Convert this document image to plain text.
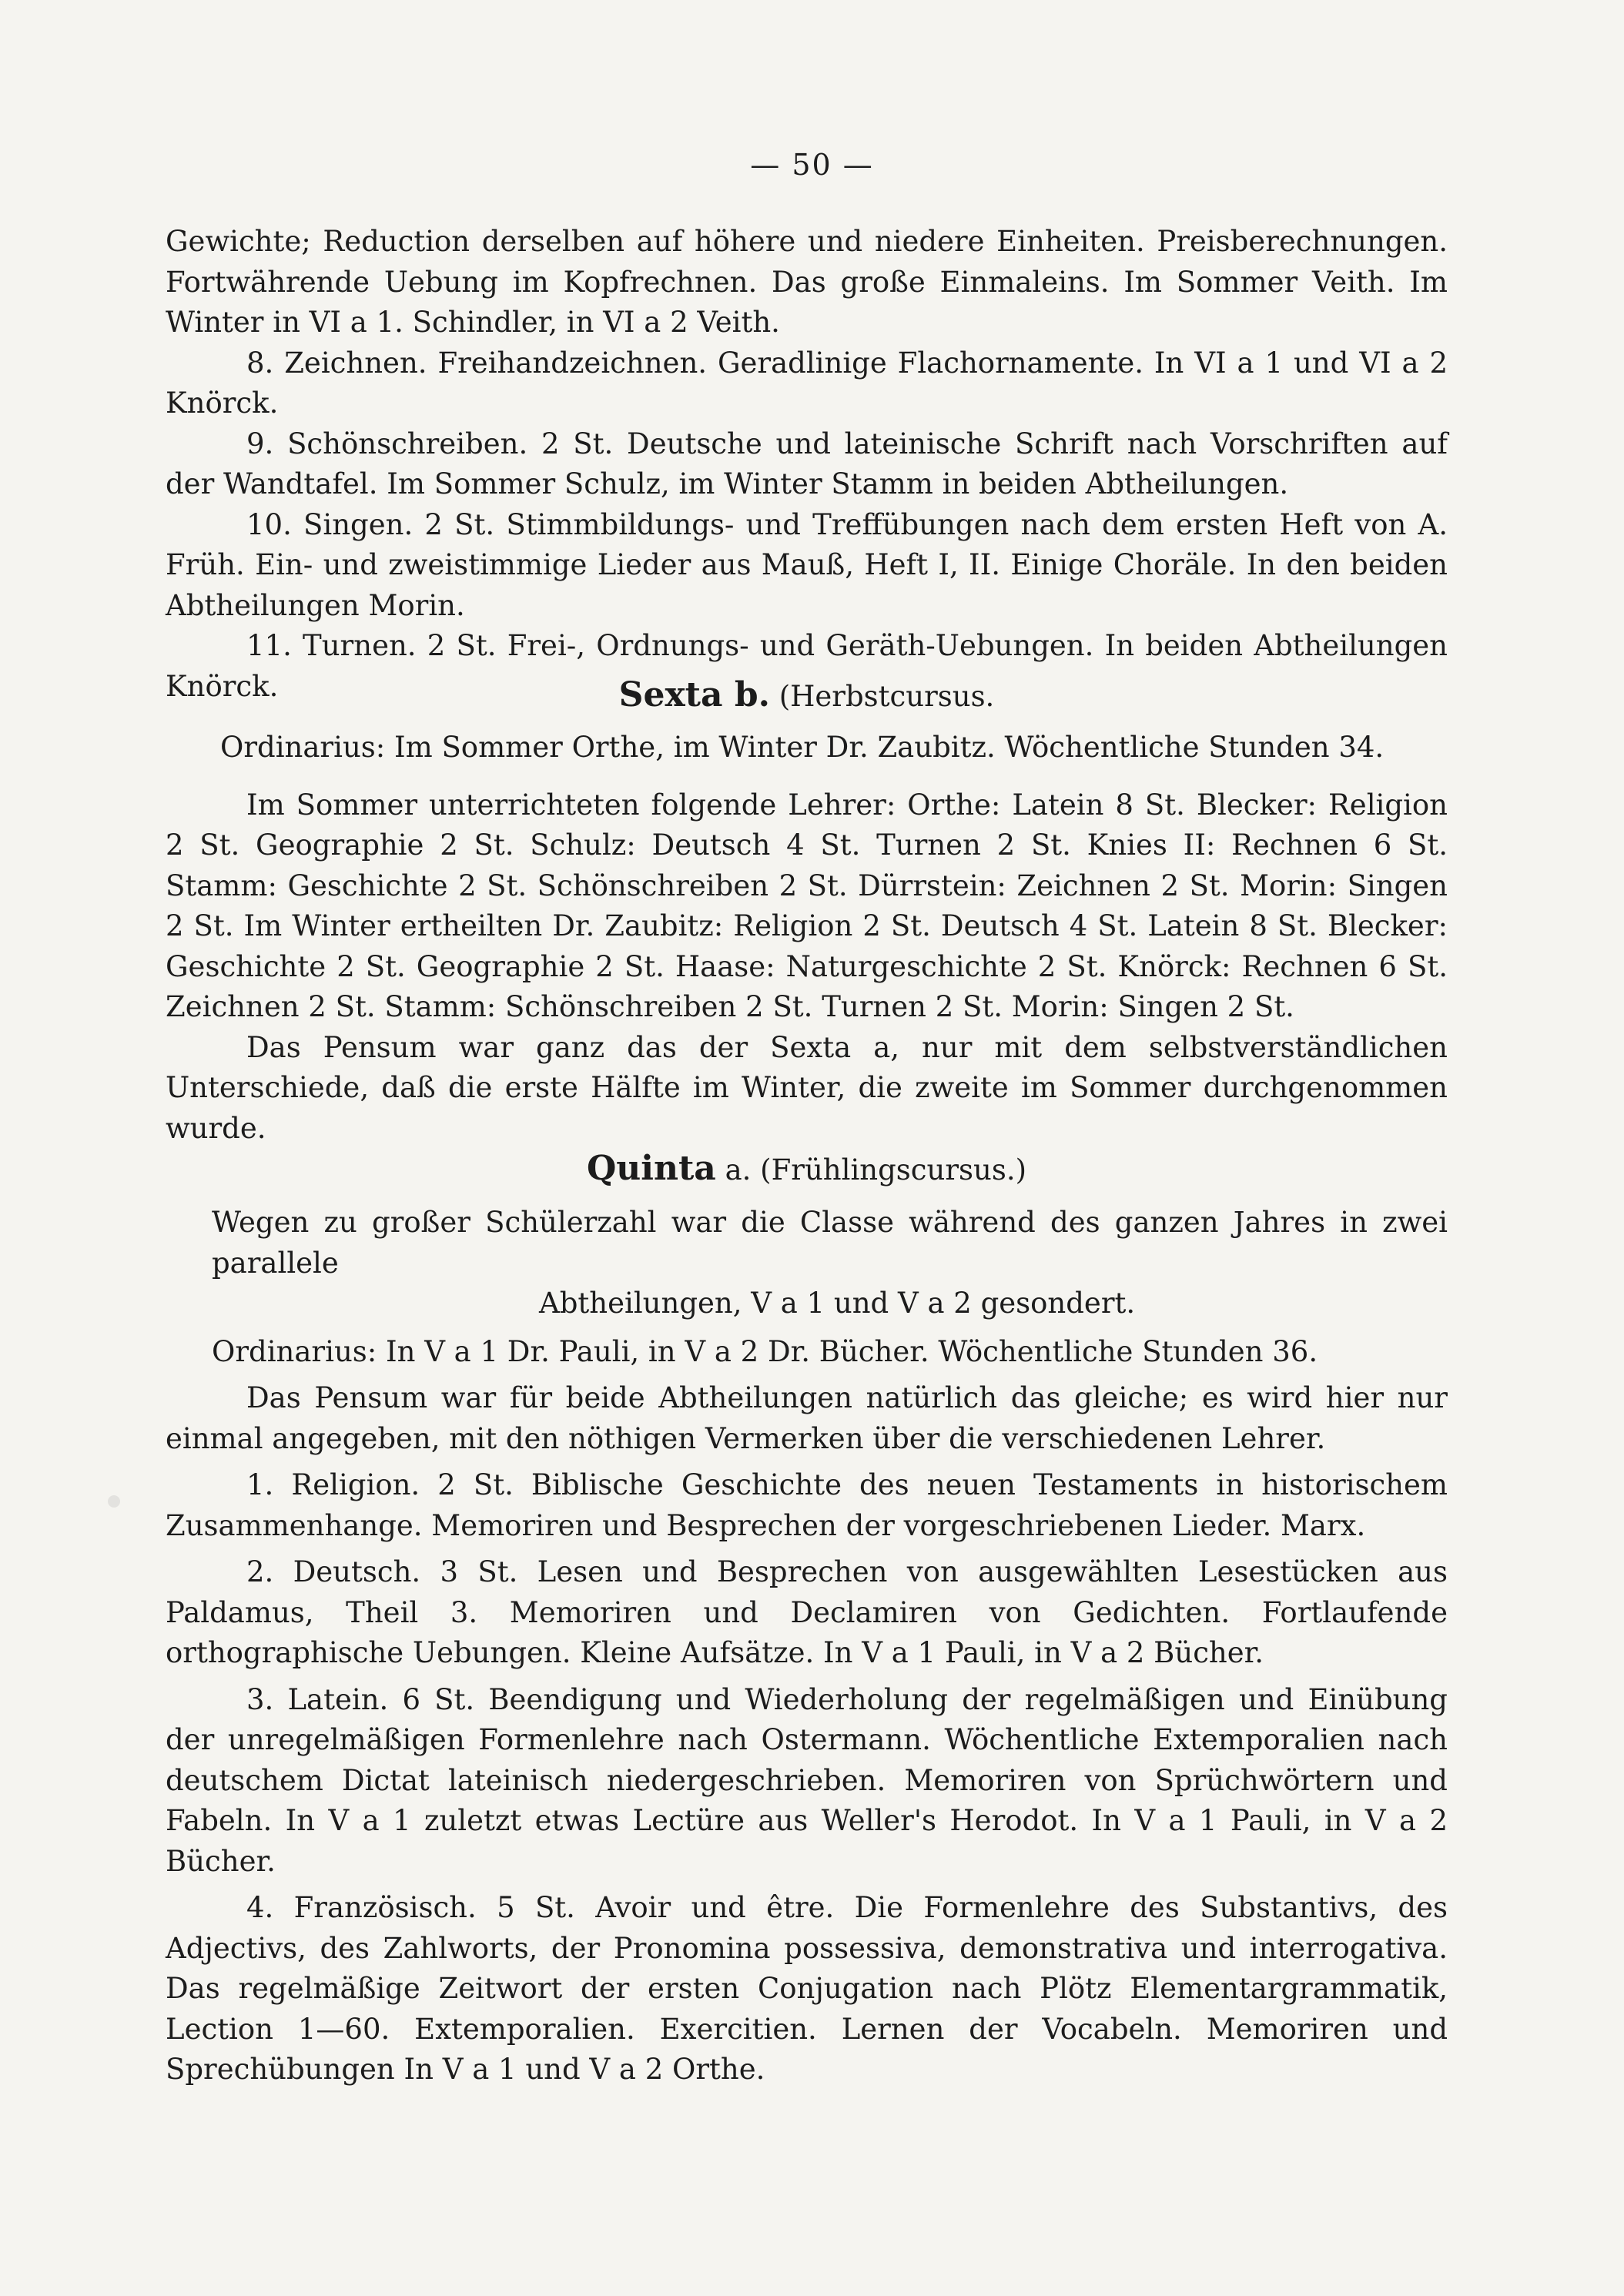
— 50 —

Gewichte; Reduction derselben auf höhere und niedere Einheiten. Preisberechnungen. Fortwährende Uebung im Kopfrechnen. Das große Einmaleins. Im Sommer Veith. Im Winter in VI a 1. Schindler, in VI a 2 Veith.

8. Zeichnen. Freihandzeichnen. Geradlinige Flachornamente. In VI a 1 und VI a 2 Knörck.

9. Schönschreiben. 2 St. Deutsche und lateinische Schrift nach Vorschriften auf der Wandtafel. Im Sommer Schulz, im Winter Stamm in beiden Abtheilungen.

10. Singen. 2 St. Stimmbildungs- und Treffübungen nach dem ersten Heft von A. Früh. Ein- und zweistimmige Lieder aus Mauß, Heft I, II. Einige Choräle. In den beiden Abtheilungen Morin.

11. Turnen. 2 St. Frei-, Ordnungs- und Geräth-Uebungen. In beiden Abtheilungen Knörck.	Sexta b. (Herbstcursus.

Ordinarius: Im Sommer Orthe, im Winter Dr. Zaubitz. Wöchentliche Stunden 34.

Im Sommer unterrichteten folgende Lehrer: Orthe: Latein 8 St. Blecker: Religion 2 St. Geographie 2 St. Schulz: Deutsch 4 St. Turnen 2 St. Knies II: Rechnen 6 St. Stamm: Geschichte 2 St. Schönschreiben 2 St. Dürrstein: Zeichnen 2 St. Morin: Singen 2 St. Im Winter ertheilten Dr. Zaubitz: Religion 2 St. Deutsch 4 St. Latein 8 St. Blecker: Geschichte 2 St. Geographie 2 St. Haase: Naturgeschichte 2 St. Knörck: Rechnen 6 St. Zeichnen 2 St. Stamm: Schönschreiben 2 St. Turnen 2 St. Morin: Singen 2 St.

Das Pensum war ganz das der Sexta a, nur mit dem selbstverständlichen Unterschiede, daß die erste Hälfte im Winter, die zweite im Sommer durchgenommen wurde.

Quinta a. (Frühlingscursus.)

Wegen zu großer Schülerzahl war die Classe während des ganzen Jahres in zwei parallele

Abtheilungen, V a 1 und V a 2 gesondert.

Ordinarius: In V a 1 Dr. Pauli, in V a 2 Dr. Bücher. Wöchentliche Stunden 36.

Das Pensum war für beide Abtheilungen natürlich das gleiche; es wird hier nur einmal angegeben, mit den nöthigen Vermerken über die verschiedenen Lehrer.

1. Religion. 2 St. Biblische Geschichte des neuen Testaments in historischem Zusammenhange. Memoriren und Besprechen der vorgeschriebenen Lieder. Marx.

2. Deutsch. 3 St. Lesen und Besprechen von ausgewählten Lesestücken aus Paldamus, Theil 3. Memoriren und Declamiren von Gedichten. Fortlaufende orthographische Uebungen. Kleine Aufsätze. In V a 1 Pauli, in V a 2 Bücher.

3. Latein. 6 St. Beendigung und Wiederholung der regelmäßigen und Einübung der unregelmäßigen Formenlehre nach Ostermann. Wöchentliche Extemporalien nach deutschem Dictat lateinisch niedergeschrieben. Memoriren von Sprüchwörtern und Fabeln. In V a 1 zuletzt etwas Lectüre aus Weller's Herodot. In V a 1 Pauli, in V a 2 Bücher.

4. Französisch. 5 St. Avoir und être. Die Formenlehre des Substantivs, des Adjectivs, des Zahlworts, der Pronomina possessiva, demonstrativa und interrogativa. Das regelmäßige Zeitwort der ersten Conjugation nach Plötz Elementargrammatik, Lection 1—60. Extemporalien. Exercitien. Lernen der Vocabeln. Memoriren und Sprechübungen In V a 1 und V a 2 Orthe.
